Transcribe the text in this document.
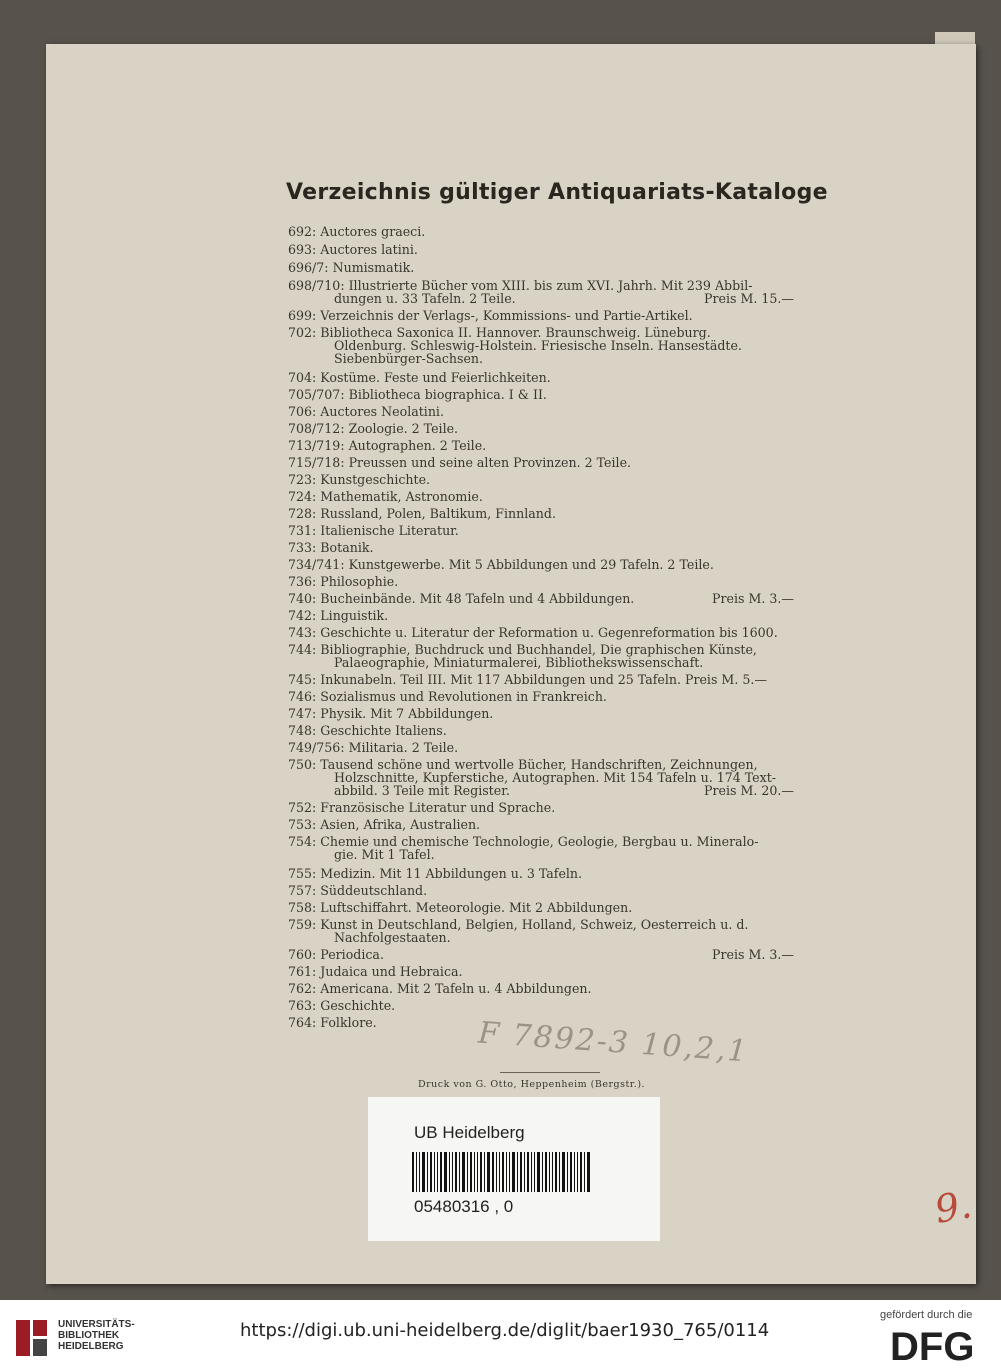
Verzeichnis gültiger Antiquariats-Kataloge
692: Auctores graeci.
693: Auctores latini.
696/7: Numismatik.
698/710: Illustrierte Bücher vom XIII. bis zum XVI. Jahrh. Mit 239 Abbil-
dungen u. 33 Tafeln. 2 Teile.	Preis M. 15.—
699: Verzeichnis der Verlags-, Kommissions- und Partie-Artikel.
702: Bibliotheca Saxonica II. Hannover. Braunschweig. Lüneburg.
Oldenburg. Schleswig-Holstein. Friesische Inseln. Hansestädte.
Siebenbürger-Sachsen.
704: Kostüme. Feste und Feierlichkeiten.
705/707: Bibliotheca biographica. I & II.
706: Auctores Neolatini.
708/712: Zoologie. 2 Teile.
713/719: Autographen. 2 Teile.
715/718: Preussen und seine alten Provinzen. 2 Teile.
723: Kunstgeschichte.
724: Mathematik, Astronomie.
728: Russland, Polen, Baltikum, Finnland.
731: Italienische Literatur.
733: Botanik.
734/741: Kunstgewerbe. Mit 5 Abbildungen und 29 Tafeln. 2 Teile.
736: Philosophie.
740: Bucheinbände. Mit 48 Tafeln und 4 Abbildungen.	Preis M. 3.—
742: Linguistik.
743: Geschichte u. Literatur der Reformation u. Gegenreformation bis 1600.
744: Bibliographie, Buchdruck und Buchhandel, Die graphischen Künste,
Palaeographie, Miniaturmalerei, Bibliothekswissenschaft.
745: Inkunabeln. Teil III. Mit 117 Abbildungen und 25 Tafeln. Preis M. 5.—
746: Sozialismus und Revolutionen in Frankreich.
747: Physik. Mit 7 Abbildungen.
748: Geschichte Italiens.
749/756: Militaria. 2 Teile.
750: Tausend schöne und wertvolle Bücher, Handschriften, Zeichnungen,
Holzschnitte, Kupferstiche, Autographen. Mit 154 Tafeln u. 174 Text-
abbild. 3 Teile mit Register.	Preis M. 20.—
752: Französische Literatur und Sprache.
753: Asien, Afrika, Australien.
754: Chemie und chemische Technologie, Geologie, Bergbau u. Mineralo-
gie. Mit 1 Tafel.
755: Medizin. Mit 11 Abbildungen u. 3 Tafeln.
757: Süddeutschland.
758: Luftschiffahrt. Meteorologie. Mit 2 Abbildungen.
759: Kunst in Deutschland, Belgien, Holland, Schweiz, Oesterreich u. d.
Nachfolgestaaten.
760: Periodica.	Preis M. 3.—
761: Judaica und Hebraica.
762: Americana. Mit 2 Tafeln u. 4 Abbildungen.
763: Geschichte.
764: Folklore.
Druck von G. Otto, Heppenheim (Bergstr.).
F 7892-3 10,2,1
9.
UB Heidelberg
05480316 , 0
UNIVERSITÄTS-
BIBLIOTHEK
HEIDELBERG
https://digi.ub.uni-heidelberg.de/diglit/baer1930_765/0114
gefördert durch die
DFG
